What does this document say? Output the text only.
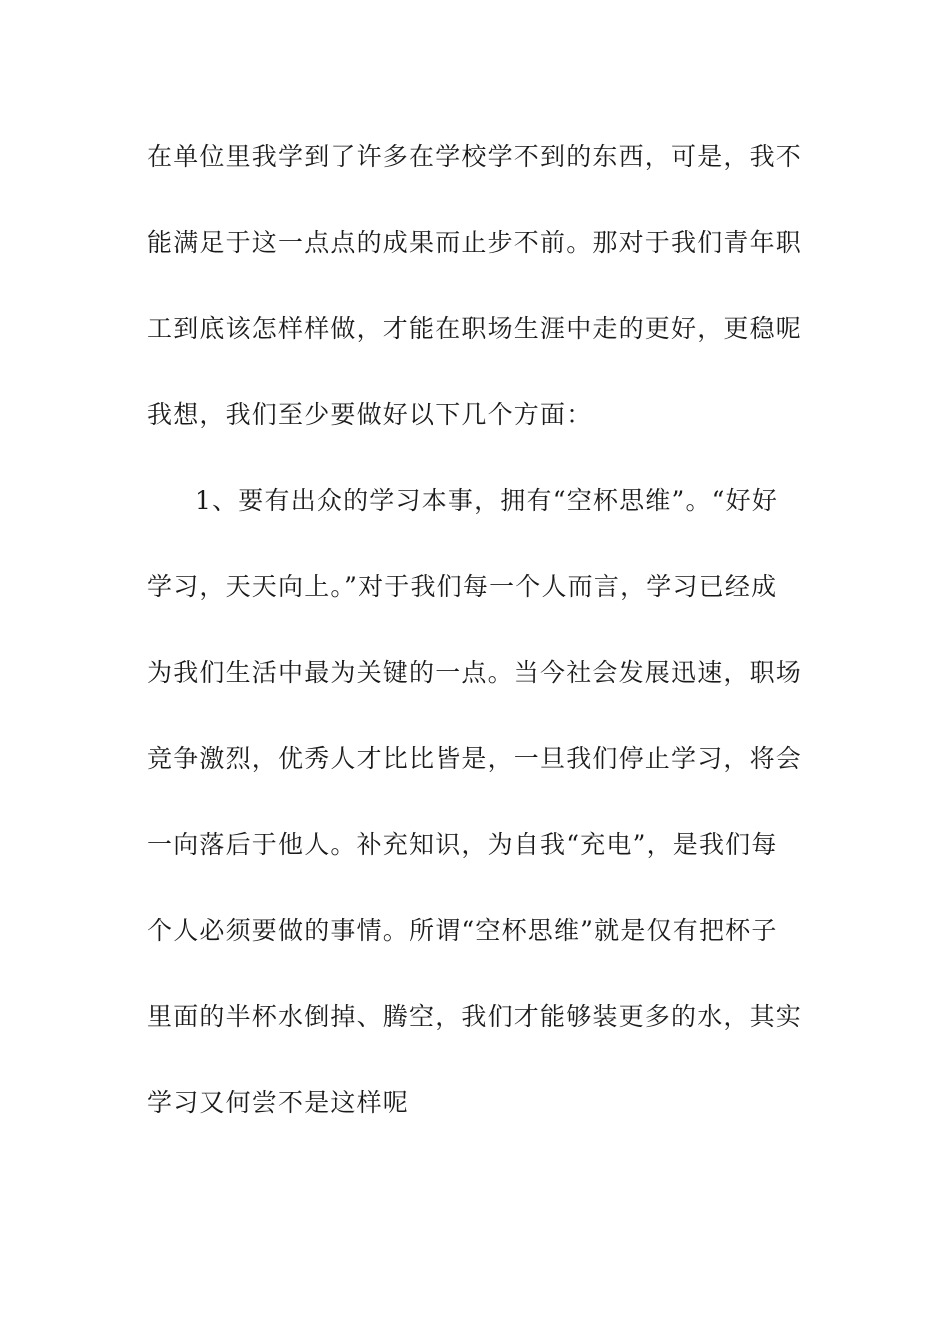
在单位里我学到了许多在学校学不到的东西，可是，我不
能满足于这一点点的成果而止步不前。那对于我们青年职
工到底该怎样样做，才能在职场生涯中走的更好，更稳呢
我想，我们至少要做好以下几个方面：
1、要有出众的学习本事，拥有“空杯思维”。“好好
学习，天天向上。”对于我们每一个人而言，学习已经成
为我们生活中最为关键的一点。当今社会发展迅速，职场
竞争激烈，优秀人才比比皆是，一旦我们停止学习，将会
一向落后于他人。补充知识，为自我“充电”，是我们每
个人必须要做的事情。所谓“空杯思维”就是仅有把杯子
里面的半杯水倒掉、腾空，我们才能够装更多的水，其实
学习又何尝不是这样呢
